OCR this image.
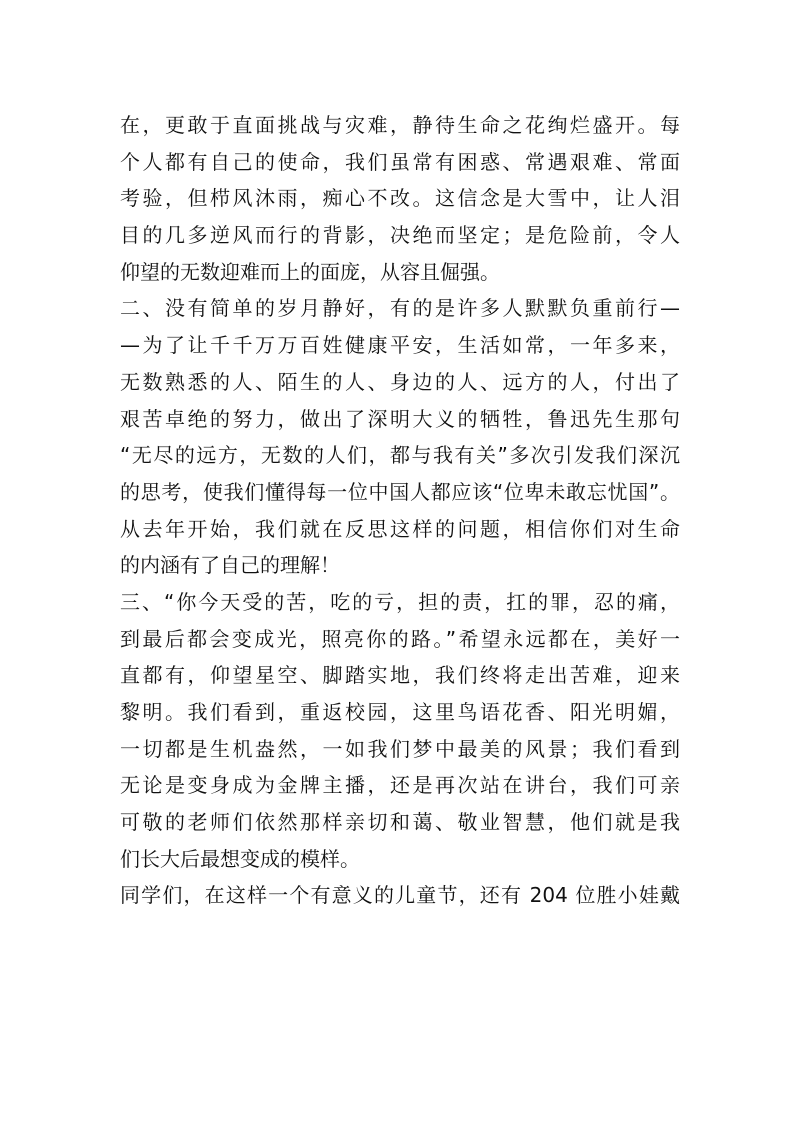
在，更敢于直面挑战与灾难，静待生命之花绚烂盛开。每
个人都有自己的使命，我们虽常有困惑、常遇艰难、常面
考验，但栉风沐雨，痴心不改。这信念是大雪中，让人泪
目的几多逆风而行的背影，决绝而坚定；是危险前，令人
仰望的无数迎难而上的面庞，从容且倔强。
二、没有简单的岁月静好，有的是许多人默默负重前行—
—为了让千千万万百姓健康平安，生活如常，一年多来，
无数熟悉的人、陌生的人、身边的人、远方的人，付出了
艰苦卓绝的努力，做出了深明大义的牺牲，鲁迅先生那句
“无尽的远方，无数的人们，都与我有关”多次引发我们深沉
的思考，使我们懂得每一位中国人都应该“位卑未敢忘忧国”。
从去年开始，我们就在反思这样的问题，相信你们对生命
的内涵有了自己的理解！
三、“你今天受的苦，吃的亏，担的责，扛的罪，忍的痛，
到最后都会变成光，照亮你的路。”希望永远都在，美好一
直都有，仰望星空、脚踏实地，我们终将走出苦难，迎来
黎明。我们看到，重返校园，这里鸟语花香、阳光明媚，
一切都是生机盎然，一如我们梦中最美的风景；我们看到
无论是变身成为金牌主播，还是再次站在讲台，我们可亲
可敬的老师们依然那样亲切和蔼、敬业智慧，他们就是我
们长大后最想变成的模样。
同学们，在这样一个有意义的儿童节，还有 204 位胜小娃戴
